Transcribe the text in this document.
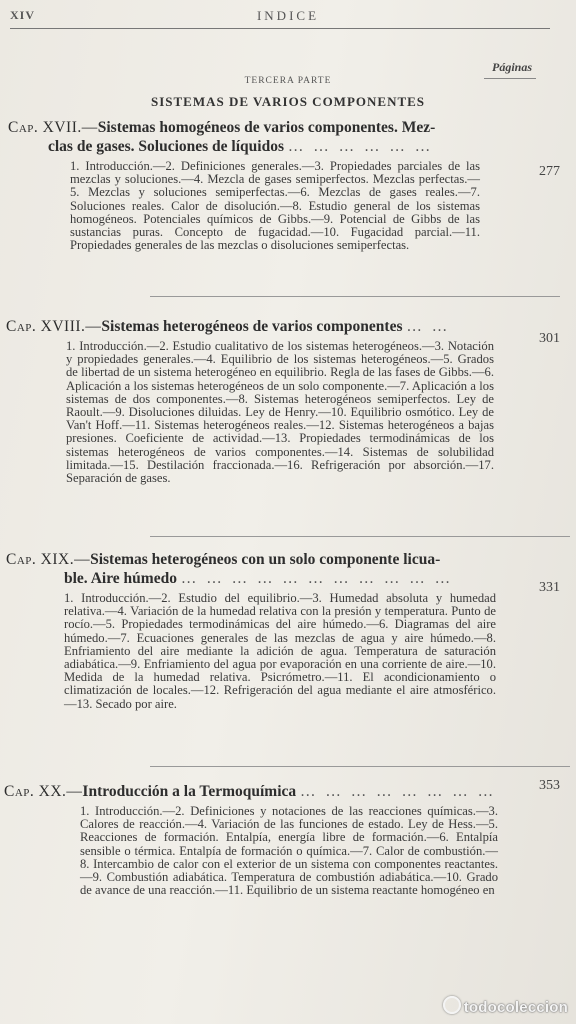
XIV	INDICE
Páginas
TERCERA PARTE
SISTEMAS DE VARIOS COMPONENTES
Cap. XVII.—Sistemas homogéneos de varios componentes. Mez-
clas de gases. Soluciones de líquidos … … … … … …
277
1. Introducción.—2. Definiciones generales.—3. Propiedades parciales de las mezclas y soluciones.—4. Mezcla de gases semiperfectos. Mezclas perfectas.—5. Mezclas y soluciones semiperfectas.—6. Mezclas de gases reales.—7. Soluciones reales. Calor de disolución.—8. Estudio general de los sistemas homogéneos. Potenciales químicos de Gibbs.—9. Potencial de Gibbs de las sustancias puras. Concepto de fugacidad.—10. Fugacidad parcial.—11. Propiedades generales de las mezclas o disoluciones semiperfectas.
Cap. XVIII.—Sistemas heterogéneos de varios componentes … …
301
1. Introducción.—2. Estudio cualitativo de los sistemas heterogéneos.—3. Notación y propiedades generales.—4. Equilibrio de los sistemas heterogéneos.—5. Grados de libertad de un sistema heterogéneo en equilibrio. Regla de las fases de Gibbs.—6. Aplicación a los sistemas heterogéneos de un solo componente.—7. Aplicación a los sistemas de dos componentes.—8. Sistemas heterogéneos semiperfectos. Ley de Raoult.—9. Disoluciones diluidas. Ley de Henry.—10. Equilibrio osmótico. Ley de Van't Hoff.—11. Sistemas heterogéneos reales.—12. Sistemas heterogéneos a bajas presiones. Coeficiente de actividad.—13. Propiedades termodinámicas de los sistemas heterogéneos de varios componentes.—14. Sistemas de solubilidad limitada.—15. Destilación fraccionada.—16. Refrigeración por absorción.—17. Separación de gases.
Cap. XIX.—Sistemas heterogéneos con un solo componente licua-
ble. Aire húmedo … … … … … … … … … … …
331
1. Introducción.—2. Estudio del equilibrio.—3. Humedad absoluta y humedad relativa.—4. Variación de la humedad relativa con la presión y temperatura. Punto de rocío.—5. Propiedades termodinámicas del aire húmedo.—6. Diagramas del aire húmedo.—7. Ecuaciones generales de las mezclas de agua y aire húmedo.—8. Enfriamiento del aire mediante la adición de agua. Temperatura de saturación adiabática.—9. Enfriamiento del agua por evaporación en una corriente de aire.—10. Medida de la humedad relativa. Psicrómetro.—11. El acondicionamiento o climatización de locales.—12. Refrigeración del agua mediante el aire atmosférico.—13. Secado por aire.
Cap. XX.—Introducción a la Termoquímica … … … … … … … …	353
1. Introducción.—2. Definiciones y notaciones de las reacciones químicas.—3. Calores de reacción.—4. Variación de las funciones de estado. Ley de Hess.—5. Reacciones de formación. Entalpía, energía libre de formación.—6. Entalpía sensible o térmica. Entalpía de formación o química.—7. Calor de combustión.—8. Intercambio de calor con el exterior de un sistema con componentes reactantes.—9. Combustión adiabática. Temperatura de combustión adiabática.—10. Grado de avance de una reacción.—11. Equilibrio de un sistema reactante homogéneo en
todocoleccion
